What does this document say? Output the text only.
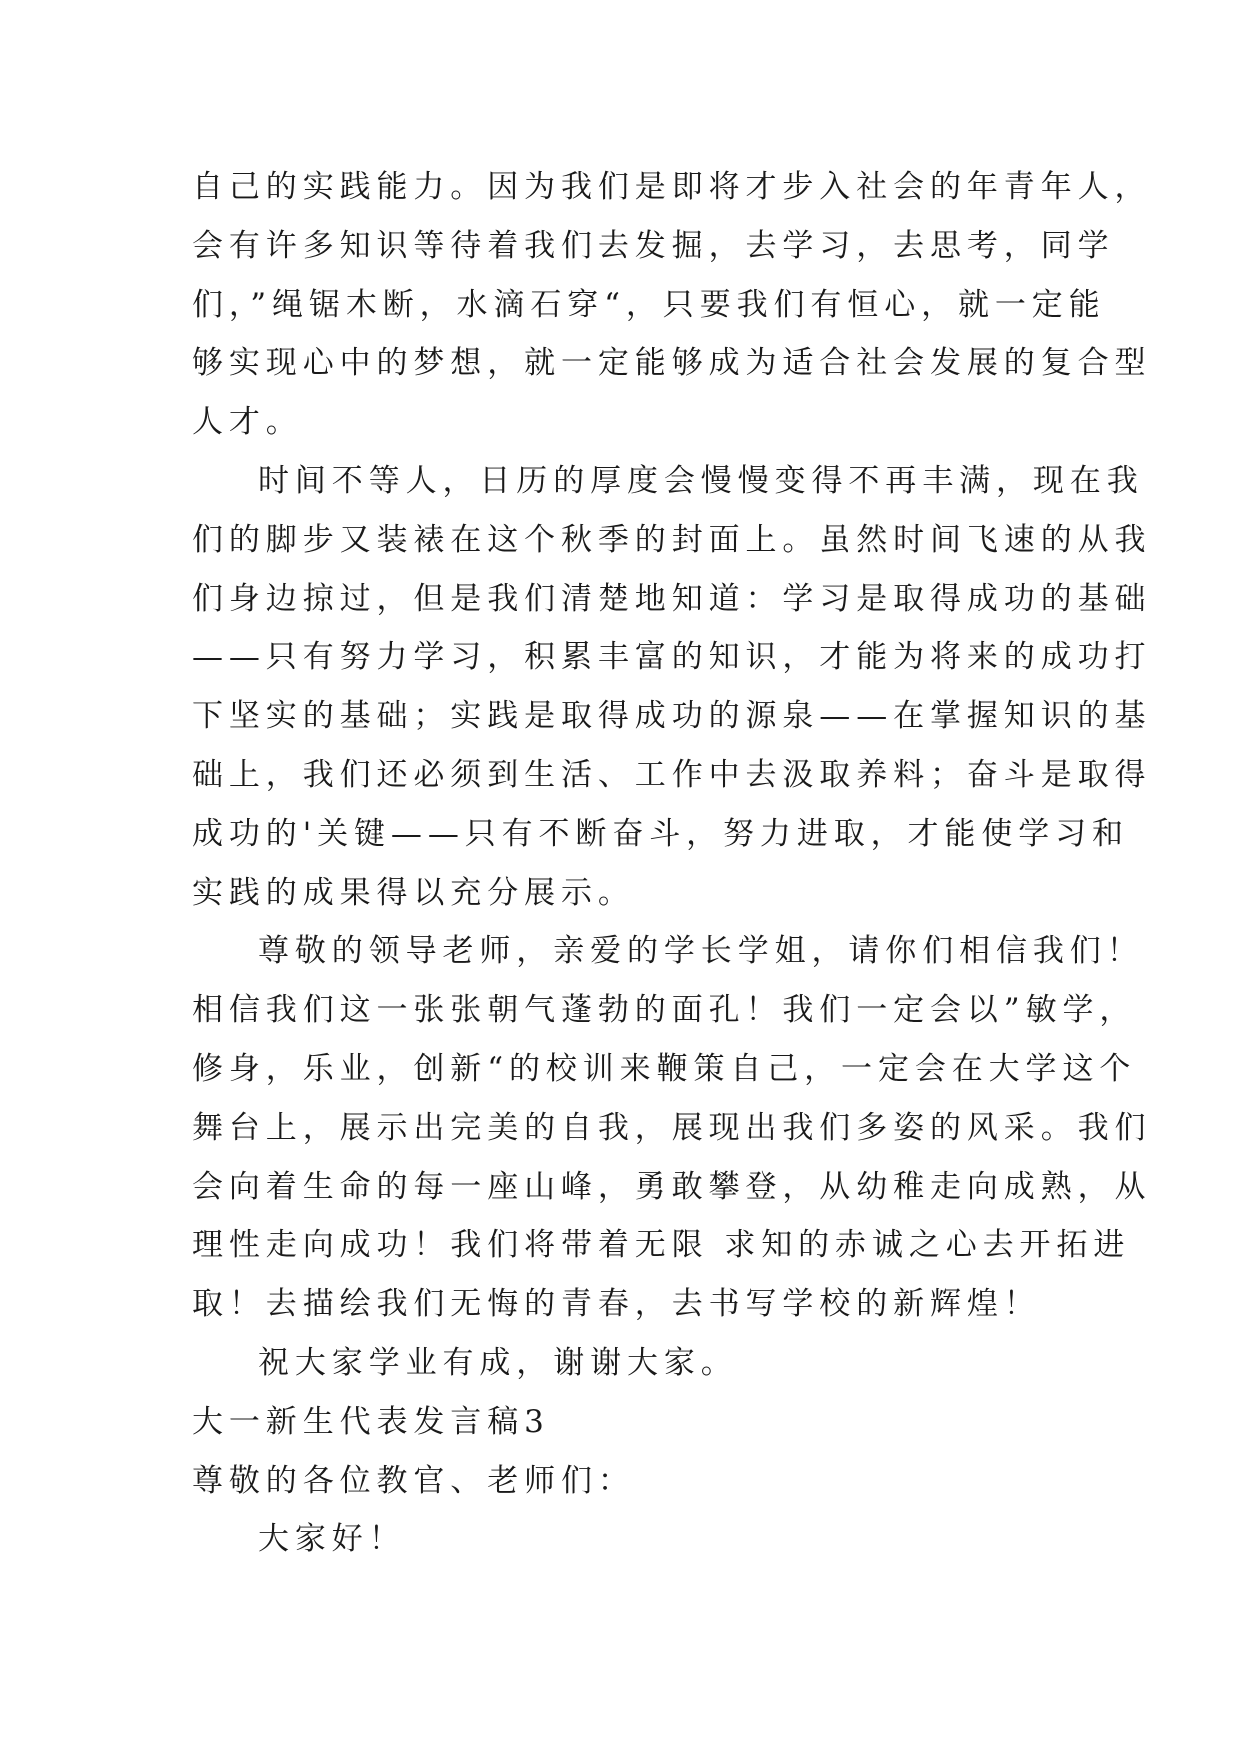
自己的实践能力。因为我们是即将才步入社会的年青年人，
会有许多知识等待着我们去发掘，去学习，去思考，同学
们，”绳锯木断，水滴石穿“，只要我们有恒心，就一定能
够实现心中的梦想，就一定能够成为适合社会发展的复合型
人才。
时间不等人，日历的厚度会慢慢变得不再丰满，现在我
们的脚步又装裱在这个秋季的封面上。虽然时间飞速的从我
们身边掠过，但是我们清楚地知道：学习是取得成功的基础
——只有努力学习，积累丰富的知识，才能为将来的成功打
下坚实的基础；实践是取得成功的源泉——在掌握知识的基
础上，我们还必须到生活、工作中去汲取养料；奋斗是取得
成功的'关键——只有不断奋斗，努力进取，才能使学习和
实践的成果得以充分展示。
尊敬的领导老师，亲爱的学长学姐，请你们相信我们！
相信我们这一张张朝气蓬勃的面孔！我们一定会以”敏学，
修身，乐业，创新“的校训来鞭策自己，一定会在大学这个
舞台上，展示出完美的自我，展现出我们多姿的风采。我们
会向着生命的每一座山峰，勇敢攀登，从幼稚走向成熟，从
理性走向成功！我们将带着无限 求知的赤诚之心去开拓进
取！去描绘我们无悔的青春，去书写学校的新辉煌！
祝大家学业有成，谢谢大家。
大一新生代表发言稿3
尊敬的各位教官、老师们：
大家好！
